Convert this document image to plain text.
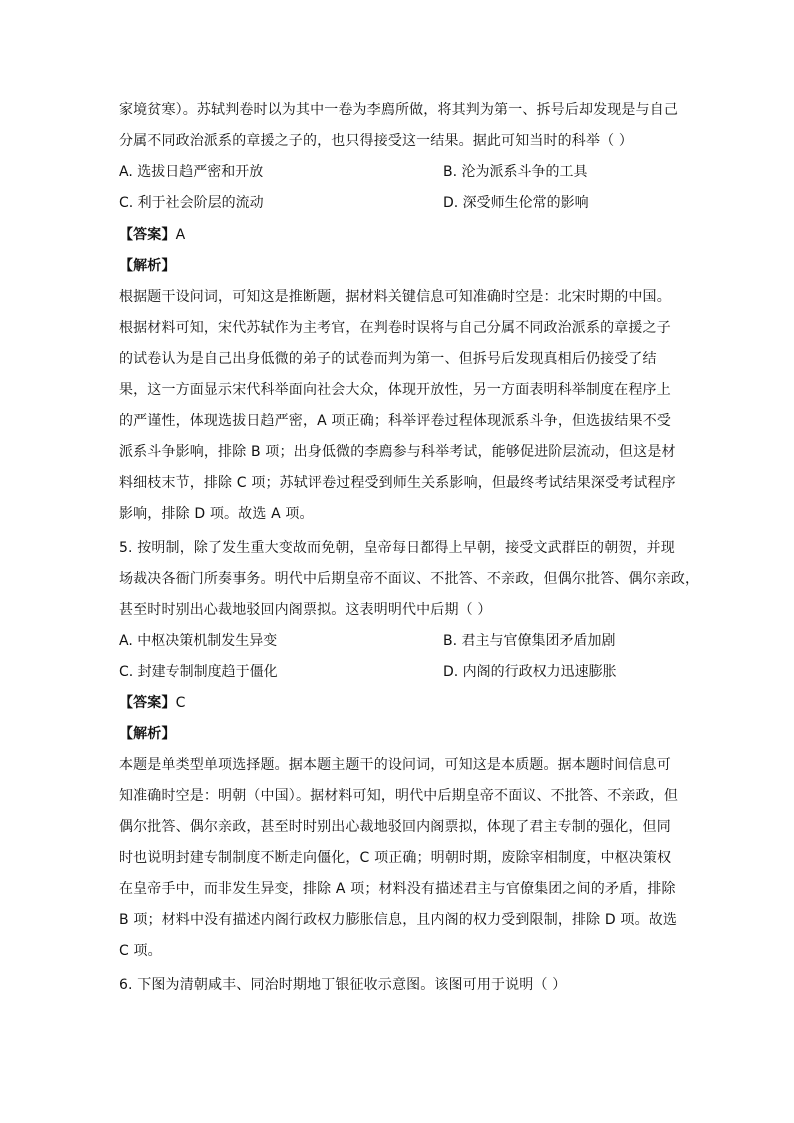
家境贫寒）。苏轼判卷时以为其中一卷为李廌所做，将其判为第一、拆号后却发现是与自己
分属不同政治派系的章援之子的，也只得接受这一结果。据此可知当时的科举（ ）
A. 选拔日趋严密和开放	B. 沦为派系斗争的工具
C. 利于社会阶层的流动	D. 深受师生伦常的影响
【答案】A
【解析】
根据题干设问词，可知这是推断题，据材料关键信息可知准确时空是：北宋时期的中国。
根据材料可知，宋代苏轼作为主考官，在判卷时误将与自己分属不同政治派系的章援之子
的试卷认为是自己出身低微的弟子的试卷而判为第一、但拆号后发现真相后仍接受了结
果，这一方面显示宋代科举面向社会大众，体现开放性，另一方面表明科举制度在程序上
的严谨性，体现选拔日趋严密，A 项正确；科举评卷过程体现派系斗争，但选拔结果不受
派系斗争影响，排除 B 项；出身低微的李廌参与科举考试，能够促进阶层流动，但这是材
料细枝末节，排除 C 项；苏轼评卷过程受到师生关系影响，但最终考试结果深受考试程序
影响，排除 D 项。故选 A 项。
5. 按明制，除了发生重大变故而免朝，皇帝每日都得上早朝，接受文武群臣的朝贺，并现
场裁决各衙门所奏事务。明代中后期皇帝不面议、不批答、不亲政，但偶尔批答、偶尔亲政，
甚至时时别出心裁地驳回内阁票拟。这表明明代中后期（ ）
A. 中枢决策机制发生异变	B. 君主与官僚集团矛盾加剧
C. 封建专制制度趋于僵化	D. 内阁的行政权力迅速膨胀
【答案】C
【解析】
本题是单类型单项选择题。据本题主题干的设问词，可知这是本质题。据本题时间信息可
知准确时空是：明朝（中国）。据材料可知，明代中后期皇帝不面议、不批答、不亲政，但
偶尔批答、偶尔亲政，甚至时时别出心裁地驳回内阁票拟，体现了君主专制的强化，但同
时也说明封建专制制度不断走向僵化，C 项正确；明朝时期，废除宰相制度，中枢决策权
在皇帝手中，而非发生异变，排除 A 项；材料没有描述君主与官僚集团之间的矛盾，排除
B 项；材料中没有描述内阁行政权力膨胀信息，且内阁的权力受到限制，排除 D 项。故选
C 项。
6. 下图为清朝咸丰、同治时期地丁银征收示意图。该图可用于说明（ ）
